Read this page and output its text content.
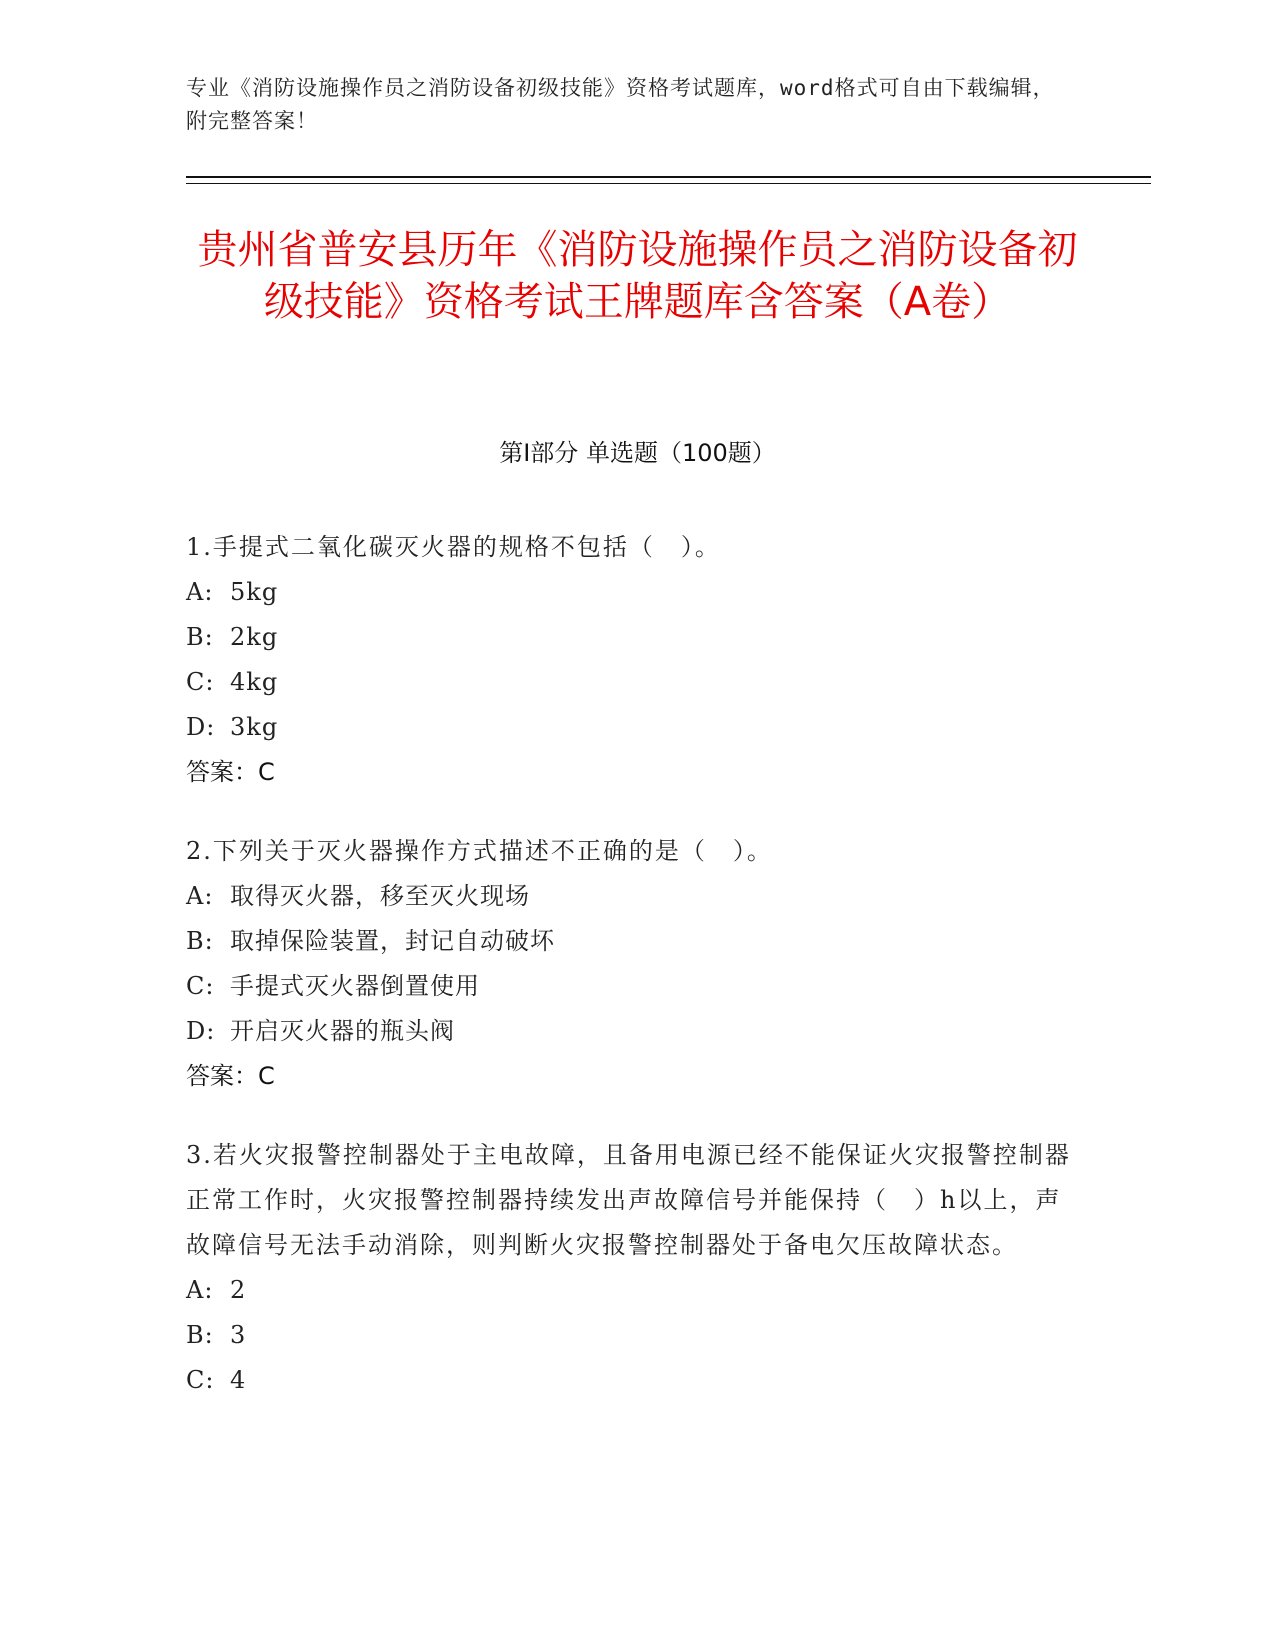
专业《消防设施操作员之消防设备初级技能》资格考试题库，word格式可自由下载编辑，附完整答案！
贵州省普安县历年《消防设施操作员之消防设备初级技能》资格考试王牌题库含答案（A卷）
第Ⅰ部分 单选题（100题）

1.手提式二氧化碳灭火器的规格不包括（　）。

A: 5kg
B: 2kg
C: 4kg
D: 3kg
答案：C

2.下列关于灭火器操作方式描述不正确的是（　）。

A: 取得灭火器，移至灭火现场
B: 取掉保险装置，封记自动破坏
C: 手提式灭火器倒置使用
D: 开启灭火器的瓶头阀
答案：C

3.若火灾报警控制器处于主电故障，且备用电源已经不能保证火灾报警控制器正常工作时，火灾报警控制器持续发出声故障信号并能保持（　）h以上，声故障信号无法手动消除，则判断火灾报警控制器处于备电欠压故障状态。

A: 2
B: 3
C: 4
